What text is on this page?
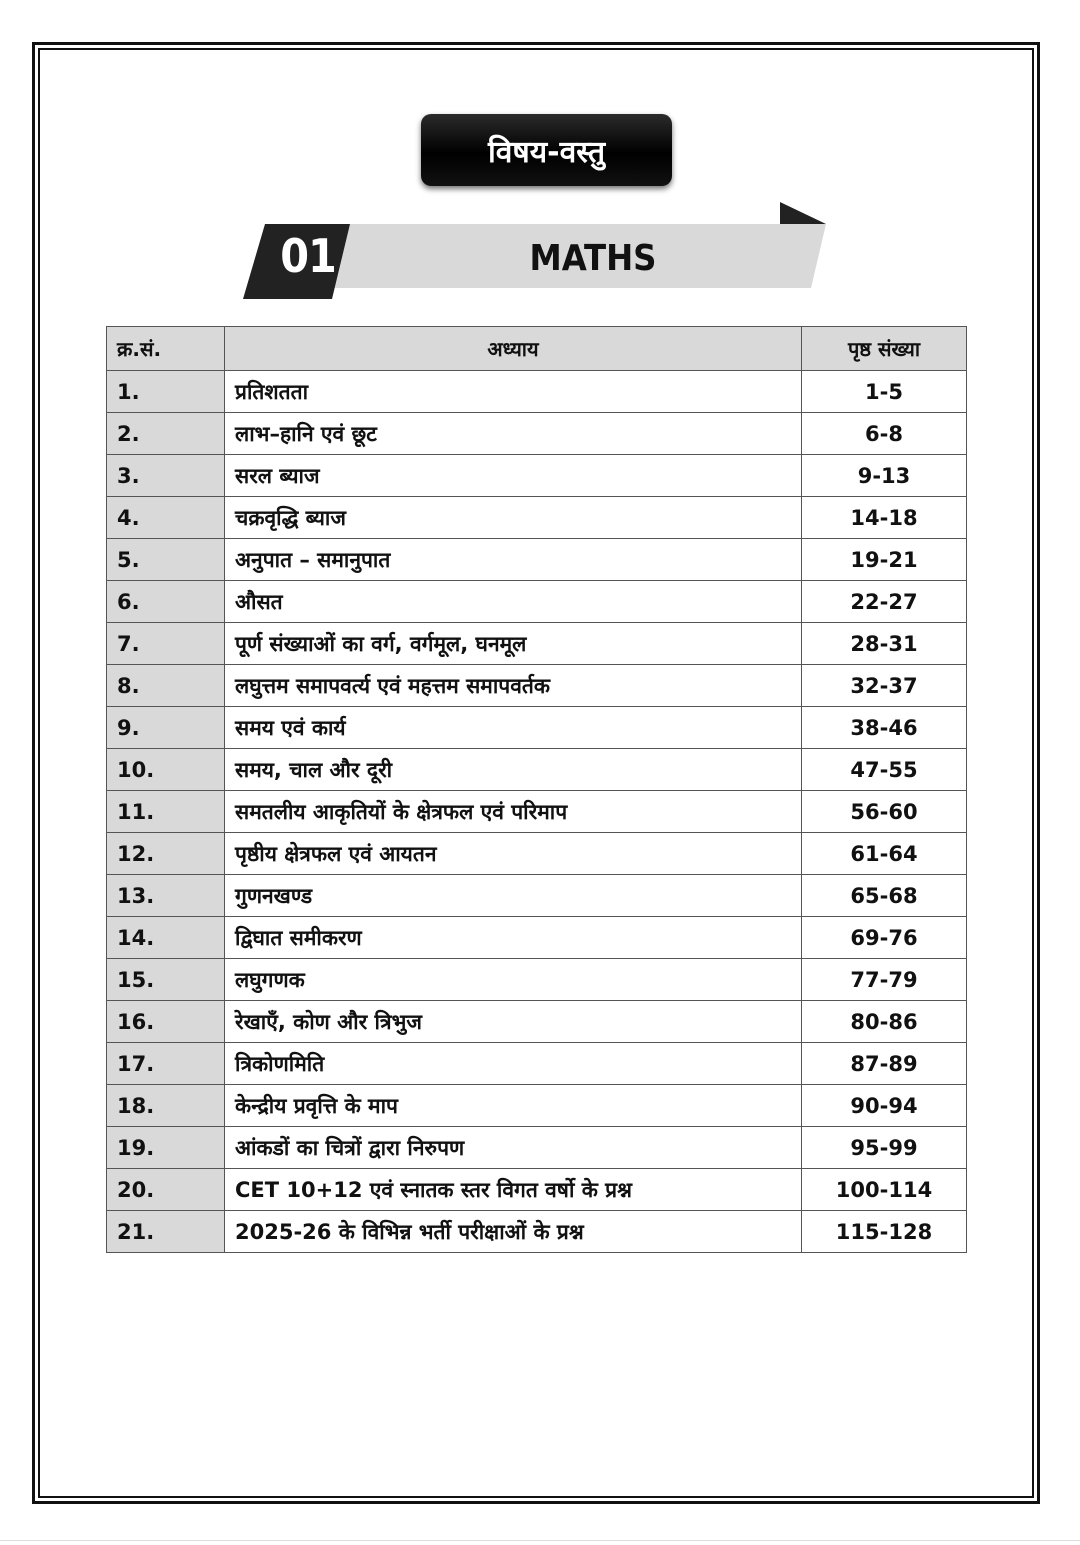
विषय-वस्तु
01	MATHS
क्र.सं.	अध्याय	पृष्ठ संख्या
1.	प्रतिशतता	1-5
2.	लाभ–हानि एवं छूट	6-8
3.	सरल ब्याज	9-13
4.	चक्रवृद्धि ब्याज	14-18
5.	अनुपात – समानुपात	19-21
6.	औसत	22-27
7.	पूर्ण संख्याओं का वर्ग, वर्गमूल, घनमूल	28-31
8.	लघुत्तम समापवर्त्य एवं महत्तम समापवर्तक	32-37
9.	समय एवं कार्य	38-46
10.	समय, चाल और दूरी	47-55
11.	समतलीय आकृतियों के क्षेत्रफल एवं परिमाप	56-60
12.	पृष्ठीय क्षेत्रफल एवं आयतन	61-64
13.	गुणनखण्ड	65-68
14.	द्विघात समीकरण	69-76
15.	लघुगणक	77-79
16.	रेखाएँ, कोण और त्रिभुज	80-86
17.	त्रिकोणमिति	87-89
18.	केन्द्रीय प्रवृत्ति के माप	90-94
19.	आंकडों का चित्रों द्वारा निरुपण	95-99
20.	CET 10+12 एवं स्नातक स्तर विगत वर्षो के प्रश्न	100-114
21.	2025-26 के विभिन्न भर्ती परीक्षाओं के प्रश्न	115-128
